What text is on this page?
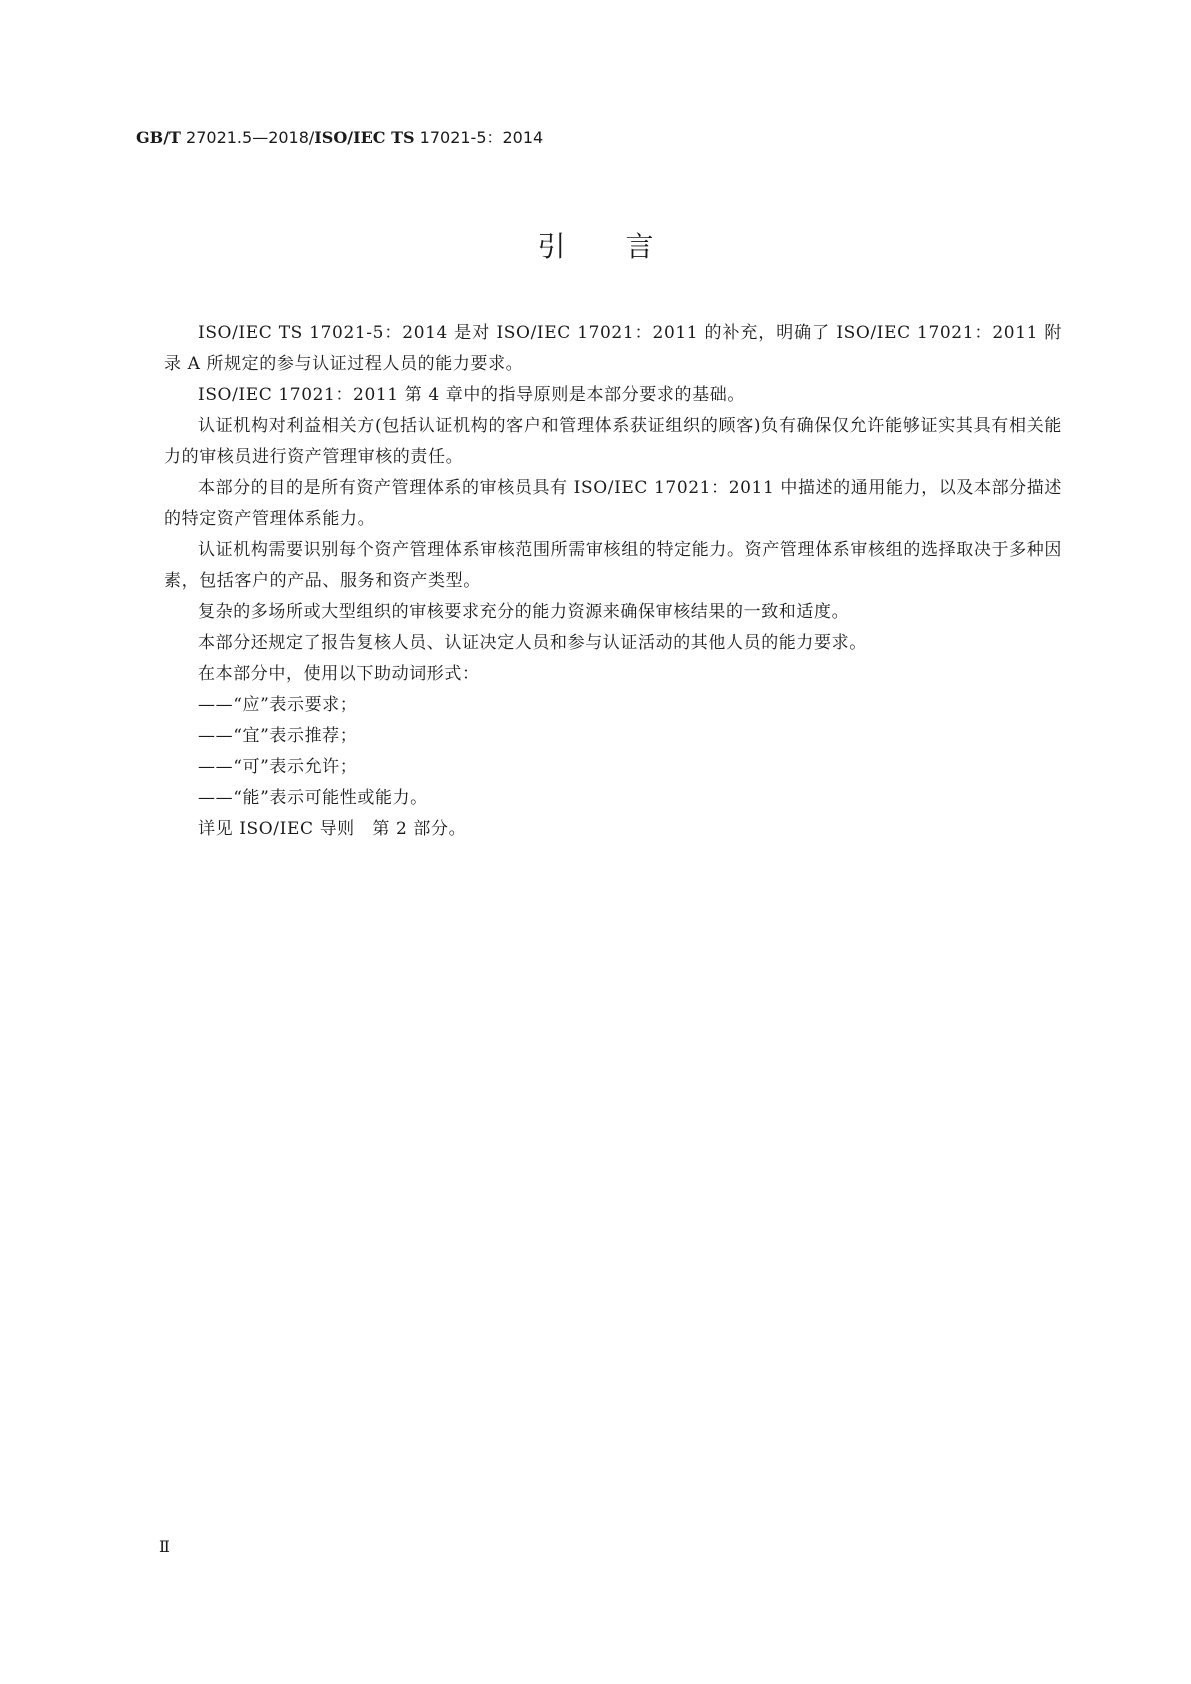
GB/T 27021.5—2018/ISO/IEC TS 17021-5：2014
引言

ISO/IEC TS 17021-5：2014 是对 ISO/IEC 17021：2011 的补充，明确了 ISO/IEC 17021：2011 附录 A 所规定的参与认证过程人员的能力要求。

ISO/IEC 17021：2011 第 4 章中的指导原则是本部分要求的基础。

认证机构对利益相关方(包括认证机构的客户和管理体系获证组织的顾客)负有确保仅允许能够证实其具有相关能力的审核员进行资产管理审核的责任。

本部分的目的是所有资产管理体系的审核员具有 ISO/IEC 17021：2011 中描述的通用能力，以及本部分描述的特定资产管理体系能力。

认证机构需要识别每个资产管理体系审核范围所需审核组的特定能力。资产管理体系审核组的选择取决于多种因素，包括客户的产品、服务和资产类型。

复杂的多场所或大型组织的审核要求充分的能力资源来确保审核结果的一致和适度。

本部分还规定了报告复核人员、认证决定人员和参与认证活动的其他人员的能力要求。

在本部分中，使用以下助动词形式：

——“应”表示要求；

——“宜”表示推荐；

——“可”表示允许；

——“能”表示可能性或能力。

详见 ISO/IEC 导则　第 2 部分。

Ⅱ
